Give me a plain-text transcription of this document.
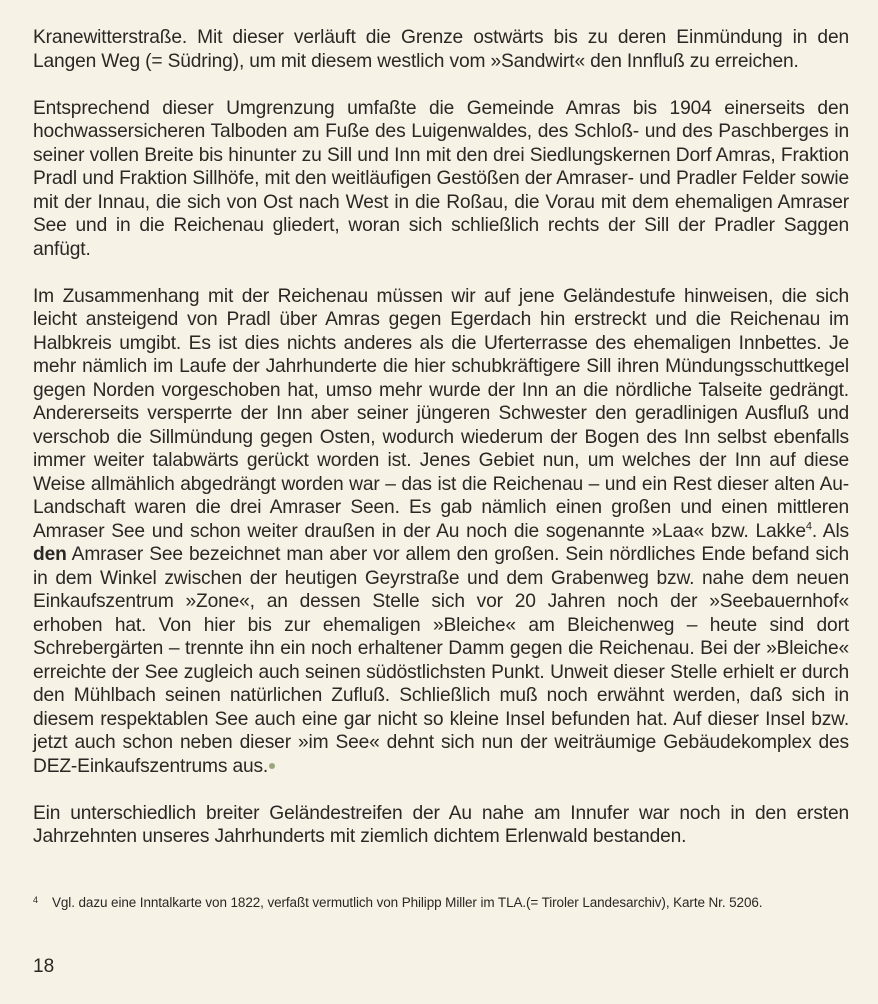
Kranewitterstraße. Mit dieser verläuft die Grenze ostwärts bis zu deren Einmündung in den Langen Weg (= Südring), um mit diesem westlich vom »Sandwirt« den Innfluß zu erreichen.

Entsprechend dieser Umgrenzung umfaßte die Gemeinde Amras bis 1904 einerseits den hochwassersicheren Talboden am Fuße des Luigenwaldes, des Schloß- und des Paschberges in seiner vollen Breite bis hinunter zu Sill und Inn mit den drei Siedlungskernen Dorf Amras, Fraktion Pradl und Fraktion Sillhöfe, mit den weitläufigen Gestößen der Amraser- und Pradler Felder sowie mit der Innau, die sich von Ost nach West in die Roßau, die Vorau mit dem ehemaligen Amraser See und in die Reichenau gliedert, woran sich schließlich rechts der Sill der Pradler Saggen anfügt.

Im Zusammenhang mit der Reichenau müssen wir auf jene Geländestufe hinweisen, die sich leicht ansteigend von Pradl über Amras gegen Egerdach hin erstreckt und die Reichenau im Halbkreis umgibt. Es ist dies nichts anderes als die Uferterrasse des ehemaligen Innbettes. Je mehr nämlich im Laufe der Jahrhunderte die hier schubkräftigere Sill ihren Mündungsschuttkegel gegen Norden vorgeschoben hat, umso mehr wurde der Inn an die nördliche Talseite gedrängt. Andererseits versperrte der Inn aber seiner jüngeren Schwester den geradlinigen Ausfluß und verschob die Sillmündung gegen Osten, wodurch wiederum der Bogen des Inn selbst ebenfalls immer weiter talabwärts gerückt worden ist. Jenes Gebiet nun, um welches der Inn auf diese Weise allmählich abgedrängt worden war – das ist die Reichenau – und ein Rest dieser alten Au-Landschaft waren die drei Amraser Seen. Es gab nämlich einen großen und einen mittleren Amraser See und schon weiter draußen in der Au noch die sogenannte »Laa« bzw. Lakke$^4$. Als den Amraser See bezeichnet man aber vor allem den großen. Sein nördliches Ende befand sich in dem Winkel zwischen der heutigen Geyrstraße und dem Grabenweg bzw. nahe dem neuen Einkaufszentrum »Zone«, an dessen Stelle sich vor 20 Jahren noch der »Seebauernhof« erhoben hat. Von hier bis zur ehemaligen »Bleiche« am Bleichenweg – heute sind dort Schrebergärten – trennte ihn ein noch erhaltener Damm gegen die Reichenau. Bei der »Bleiche« erreichte der See zugleich auch seinen südöstlichsten Punkt. Unweit dieser Stelle erhielt er durch den Mühlbach seinen natürlichen Zufluß. Schließlich muß noch erwähnt werden, daß sich in diesem respektablen See auch eine gar nicht so kleine Insel befunden hat. Auf dieser Insel bzw. jetzt auch schon neben dieser »im See« dehnt sich nun der weiträumige Gebäudekomplex des DEZ-Einkaufszentrums aus.

Ein unterschiedlich breiter Geländestreifen der Au nahe am Innufer war noch in den ersten Jahrzehnten unseres Jahrhunderts mit ziemlich dichtem Erlenwald bestanden.

4	Vgl. dazu eine Inntalkarte von 1822, verfaßt vermutlich von Philipp Miller im TLA.(= Tiroler Landesarchiv), Karte Nr. 5206.
18
